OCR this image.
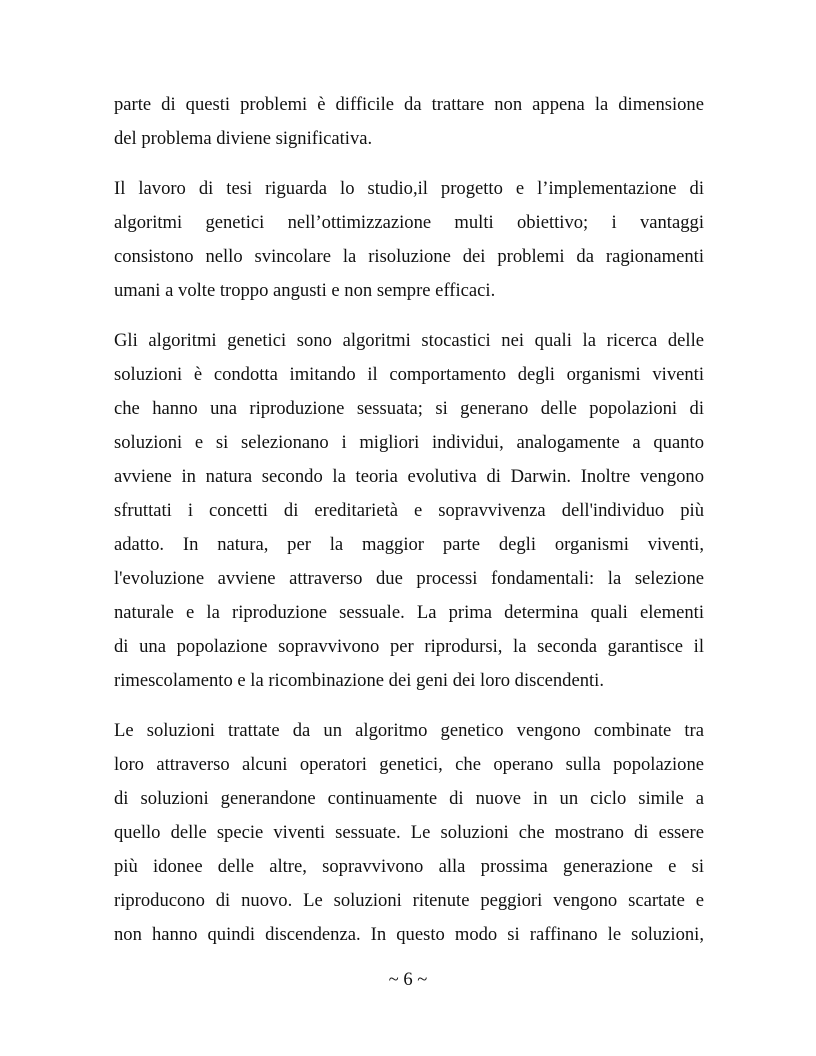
parte di questi problemi è difficile da trattare non appena la dimensione
del problema diviene significativa.
Il lavoro di tesi riguarda lo studio,il progetto e l’implementazione di
algoritmi genetici nell’ottimizzazione multi obiettivo; i vantaggi
consistono nello svincolare la risoluzione dei problemi da ragionamenti
umani a volte troppo angusti e non sempre efficaci.
Gli algoritmi genetici sono algoritmi stocastici nei quali la ricerca delle
soluzioni è condotta imitando il comportamento degli organismi viventi
che hanno una riproduzione sessuata; si generano delle popolazioni di
soluzioni e si selezionano i migliori individui, analogamente a quanto
avviene in natura secondo la teoria evolutiva di Darwin. Inoltre vengono
sfruttati i concetti di ereditarietà e sopravvivenza dell'individuo più
adatto. In natura, per la maggior parte degli organismi viventi,
l'evoluzione avviene attraverso due processi fondamentali: la selezione
naturale e la riproduzione sessuale. La prima determina quali elementi
di una popolazione sopravvivono per riprodursi, la seconda garantisce il
rimescolamento e la ricombinazione dei geni dei loro discendenti.
Le soluzioni trattate da un algoritmo genetico vengono combinate tra
loro attraverso alcuni operatori genetici, che operano sulla popolazione
di soluzioni generandone continuamente di nuove in un ciclo simile a
quello delle specie viventi sessuate. Le soluzioni che mostrano di essere
più idonee delle altre, sopravvivono alla prossima generazione e si
riproducono di nuovo. Le soluzioni ritenute peggiori vengono scartate e
non hanno quindi discendenza. In questo modo si raffinano le soluzioni,
~ 6 ~
